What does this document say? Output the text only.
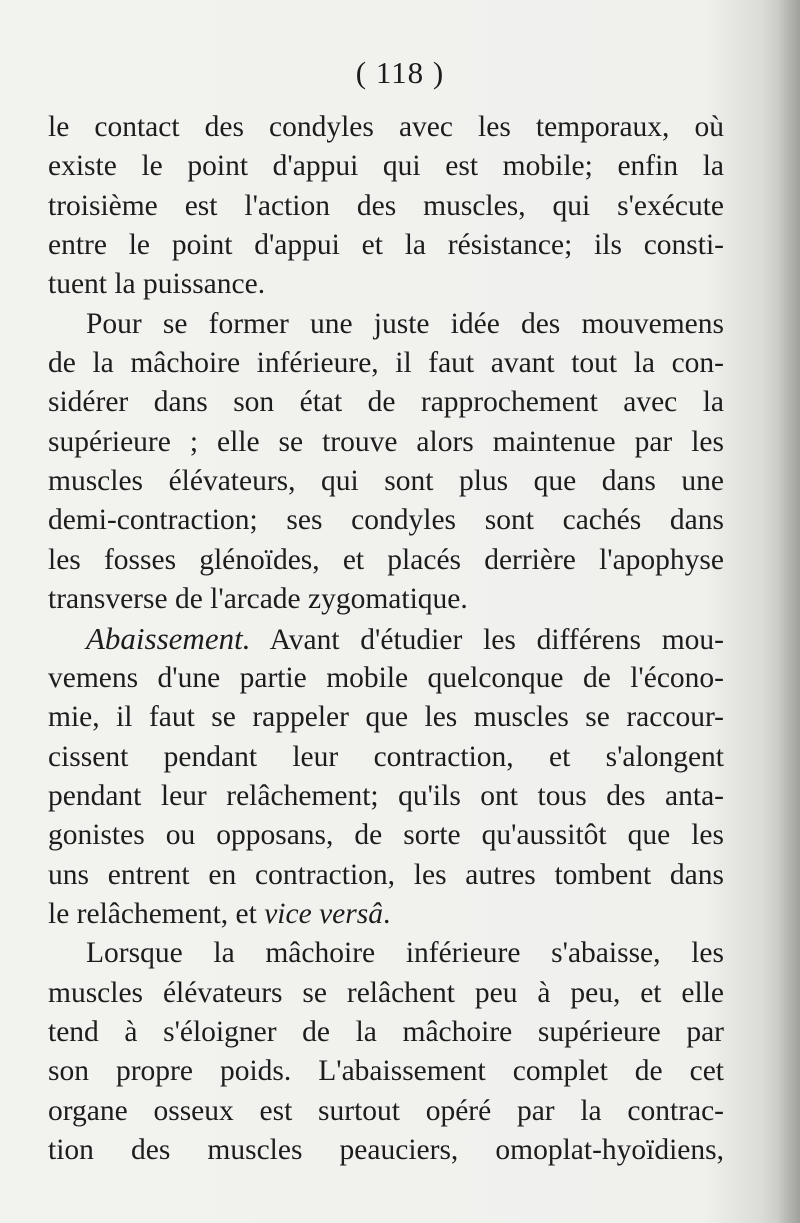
( 118 )
le contact des condyles avec les temporaux, où
existe le point d'appui qui est mobile; enfin la
troisième est l'action des muscles, qui s'exécute
entre le point d'appui et la résistance; ils consti-
tuent la puissance.
Pour se former une juste idée des mouvemens
de la mâchoire inférieure, il faut avant tout la con-
sidérer dans son état de rapprochement avec la
supérieure ; elle se trouve alors maintenue par les
muscles élévateurs, qui sont plus que dans une
demi-contraction; ses condyles sont cachés dans
les fosses glénoïdes, et placés derrière l'apophyse
transverse de l'arcade zygomatique.
Abaissement. Avant d'étudier les différens mou-
vemens d'une partie mobile quelconque de l'écono-
mie, il faut se rappeler que les muscles se raccour-
cissent pendant leur contraction, et s'alongent
pendant leur relâchement; qu'ils ont tous des anta-
gonistes ou opposans, de sorte qu'aussitôt que les
uns entrent en contraction, les autres tombent dans
le relâchement, et vice versâ.
Lorsque la mâchoire inférieure s'abaisse, les
muscles élévateurs se relâchent peu à peu, et elle
tend à s'éloigner de la mâchoire supérieure par
son propre poids. L'abaissement complet de cet
organe osseux est surtout opéré par la contrac-
tion des muscles peauciers, omoplat-hyoïdiens,
